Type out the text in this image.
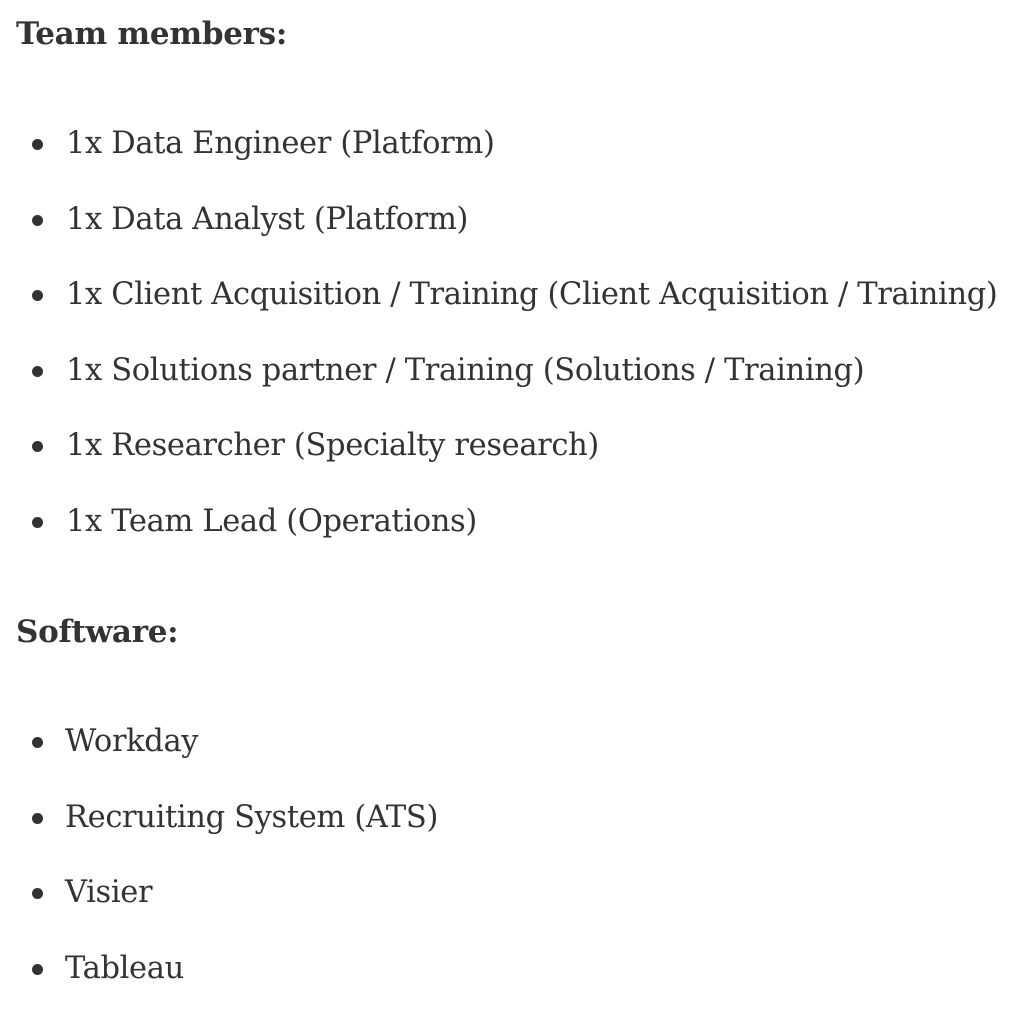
Team members:
1x Data Engineer (Platform)
1x Data Analyst (Platform)
1x Client Acquisition / Training (Client Acquisition / Training)
1x Solutions partner / Training (Solutions / Training)
1x Researcher (Specialty research)
1x Team Lead (Operations)
Software:
Workday
Recruiting System (ATS)
Visier
Tableau
